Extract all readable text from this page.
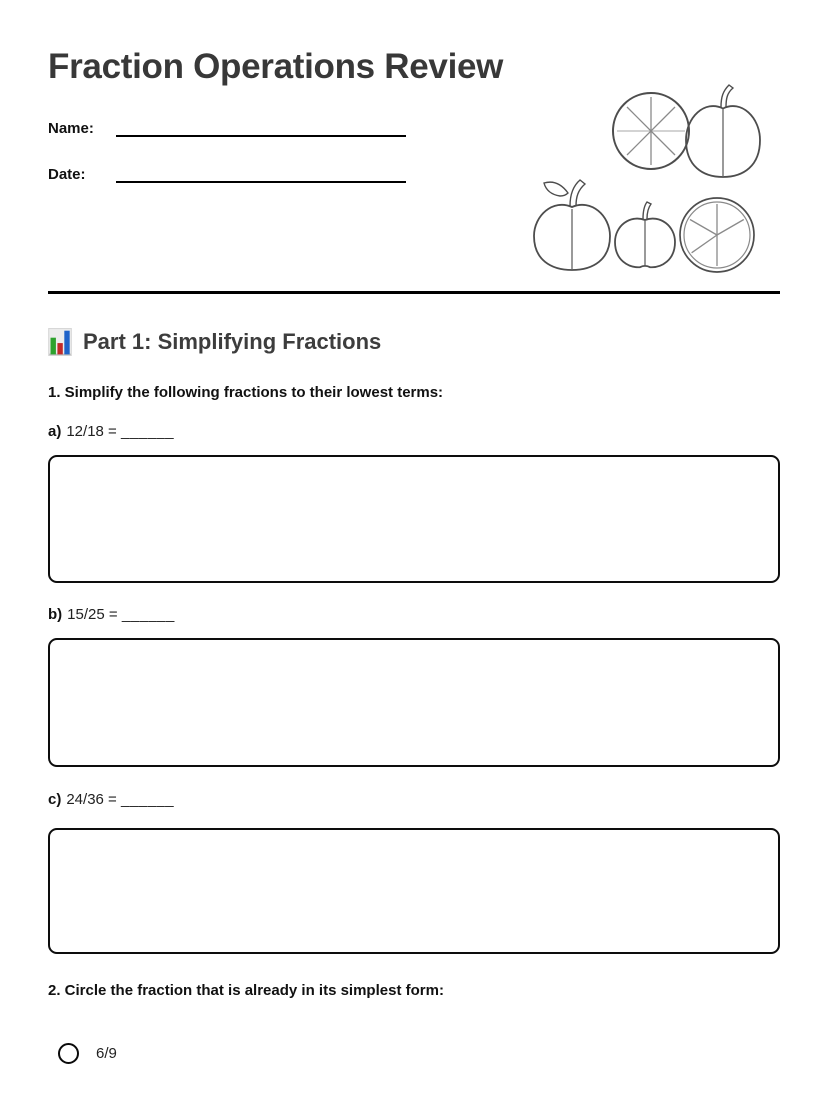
Fraction Operations Review
Name:
Date:
Part 1: Simplifying Fractions
1. Simplify the following fractions to their lowest terms:
a) 12/18 = ______
b) 15/25 = ______
c) 24/36 = ______
2. Circle the fraction that is already in its simplest form:
6/9
